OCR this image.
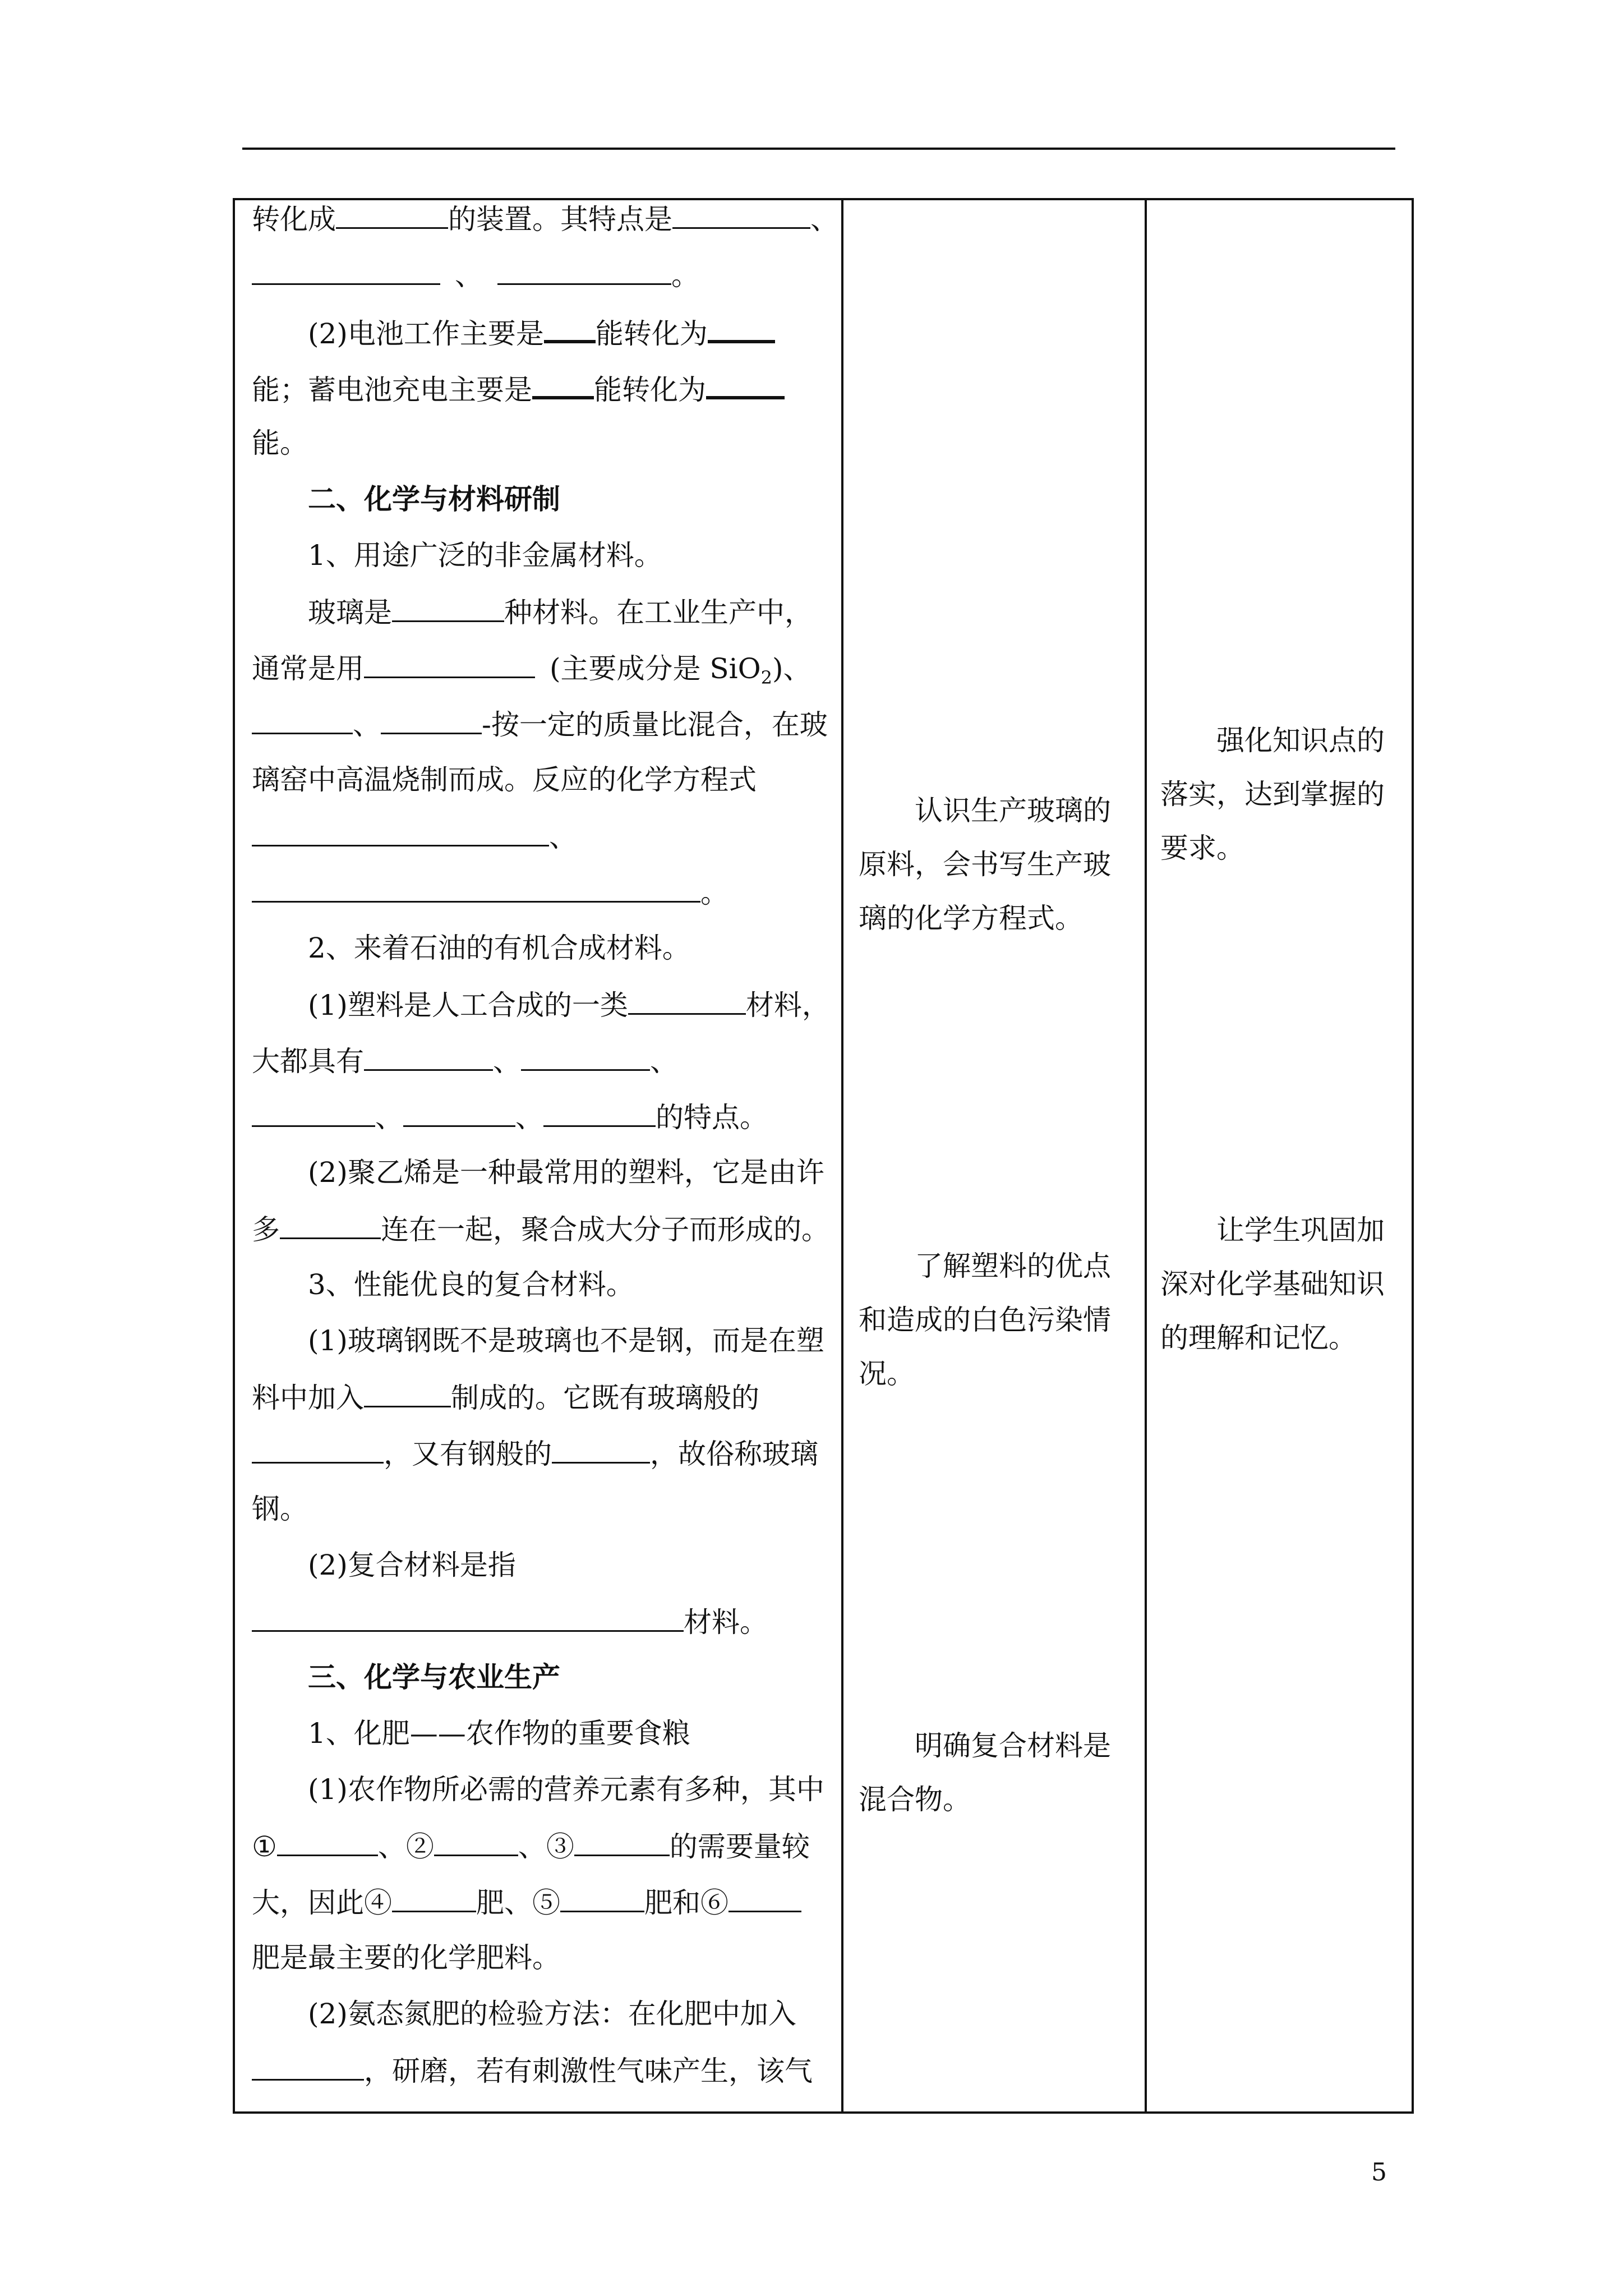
转化成	的装置。其特点是	、
、	。
(2)电池工作主要是 能转化为
能；蓄电池充电主要是 能转化为
能。
二、化学与材料研制
1、用途广泛的非金属材料。
玻璃是	种材料。在工业生产中，
通常是用	(主要成分是 SiO$_2$)、
、	-按一定的质量比混合，在玻
璃窑中高温烧制而成。反应的化学方程式
、
。
2、来着石油的有机合成材料。
(1)塑料是人工合成的一类	材料，
大都具有	、	、
、	、	的特点。
(2)聚乙烯是一种最常用的塑料，它是由许
多	连在一起，聚合成大分子而形成的。
3、性能优良的复合材料。
(1)玻璃钢既不是玻璃也不是钢，而是在塑
料中加入	制成的。它既有玻璃般的
，又有钢般的	，故俗称玻璃
钢。
(2)复合材料是指
材料。
三、化学与农业生产
1、化肥——农作物的重要食粮
(1)农作物所必需的营养元素有多种，其中
①	、②	、③	的需要量较
大，因此④	肥、⑤	肥和⑥
肥是最主要的化学肥料。
(2)氨态氮肥的检验方法：在化肥中加入
，研磨，若有刺激性气味产生，该气
认识生产玻璃的
原料，会书写生产玻
璃的化学方程式。
了解塑料的优点
和造成的白色污染情
况。
明确复合材料是
混合物。
强化知识点的
落实，达到掌握的
要求。
让学生巩固加
深对化学基础知识
的理解和记忆。
5
